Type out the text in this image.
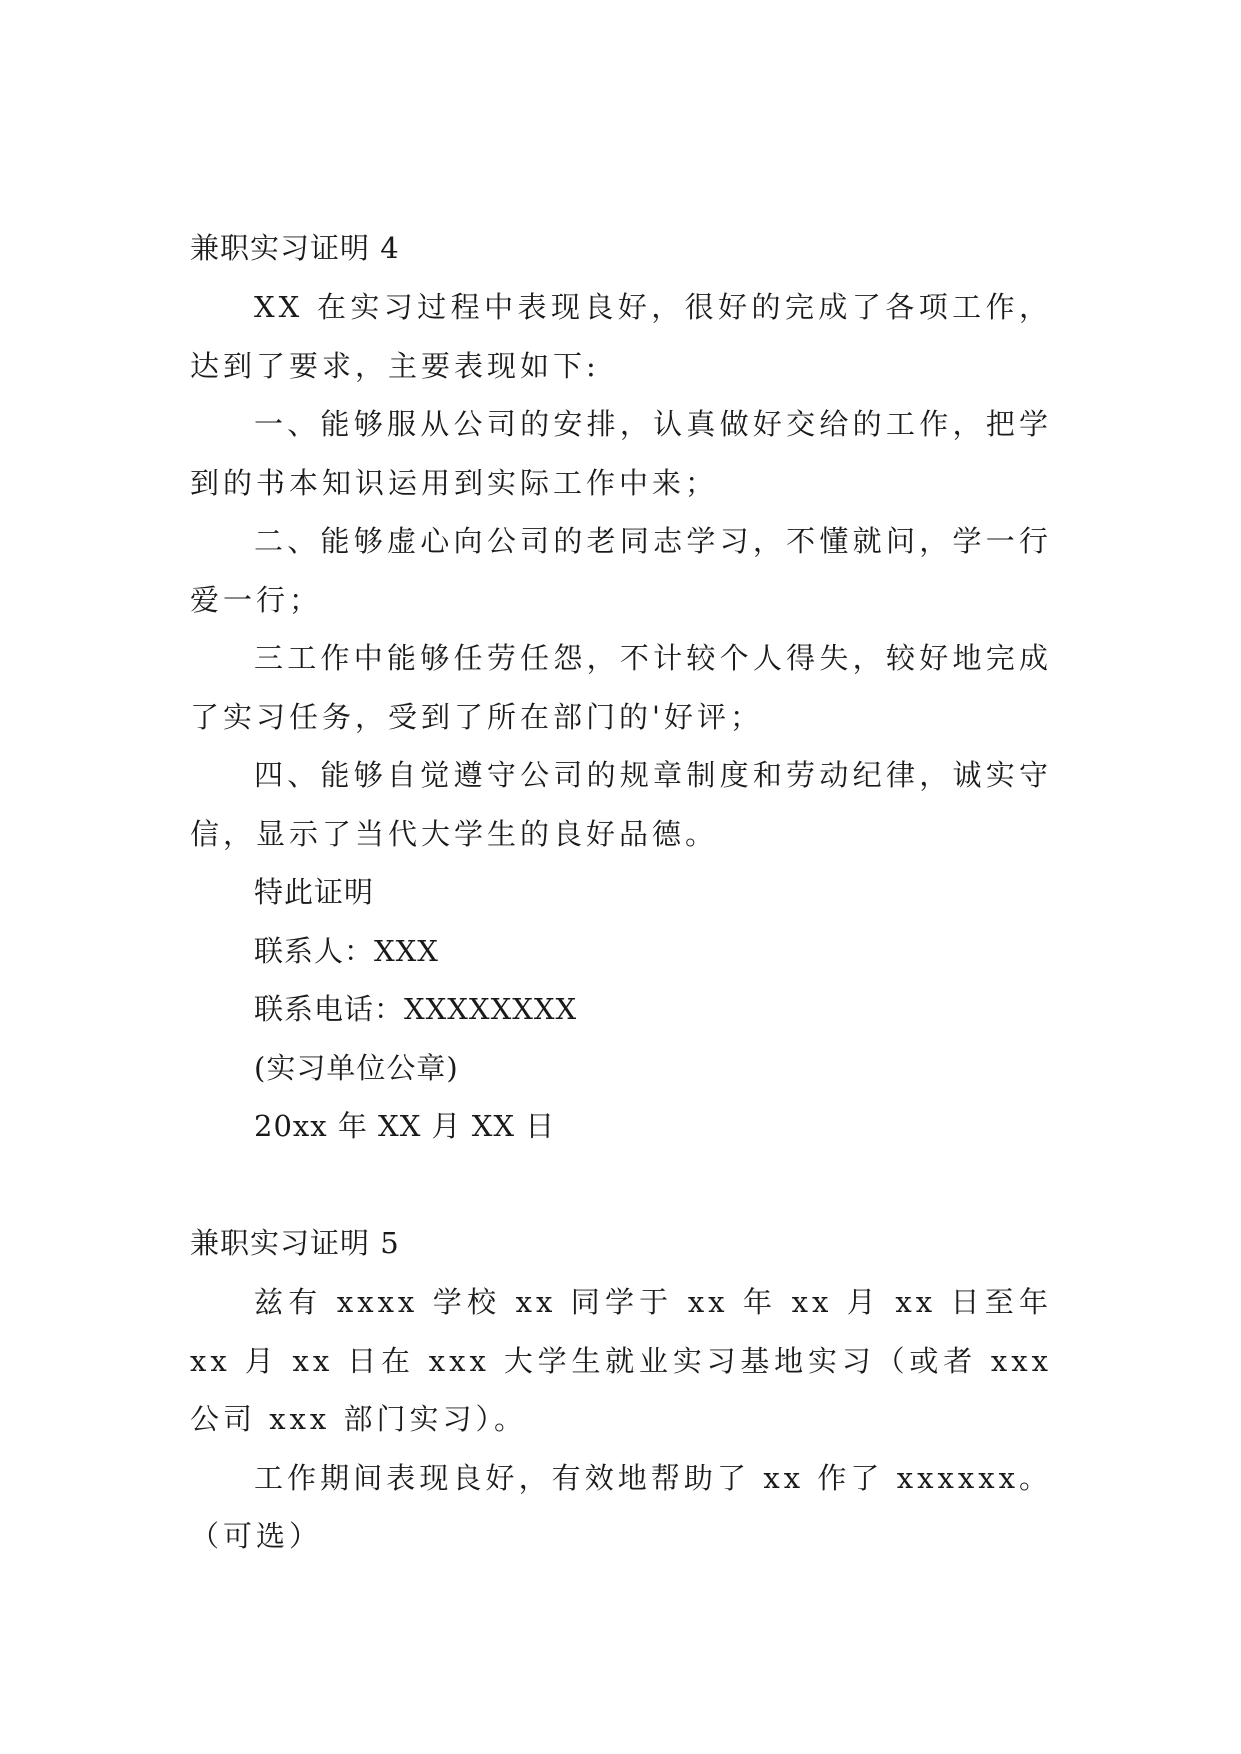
兼职实习证明 4

XX 在实习过程中表现良好，很好的完成了各项工作，达到了要求，主要表现如下:

一、能够服从公司的安排，认真做好交给的工作，把学到的书本知识运用到实际工作中来；

二、能够虚心向公司的老同志学习，不懂就问，学一行爱一行；

三工作中能够任劳任怨，不计较个人得失，较好地完成了实习任务，受到了所在部门的'好评；

四、能够自觉遵守公司的规章制度和劳动纪律，诚实守信，显示了当代大学生的良好品德。

特此证明

联系人：XXX

联系电话：XXXXXXXX

(实习单位公章)

20xx 年 XX 月 XX 日

兼职实习证明 5

兹有 xxxx 学校 xx 同学于 xx 年 xx 月 xx 日至年 xx 月 xx 日在 xxx 大学生就业实习基地实习（或者 xxx 公司 xxx 部门实习）。

工作期间表现良好，有效地帮助了 xx 作了 xxxxxx。（可选）
